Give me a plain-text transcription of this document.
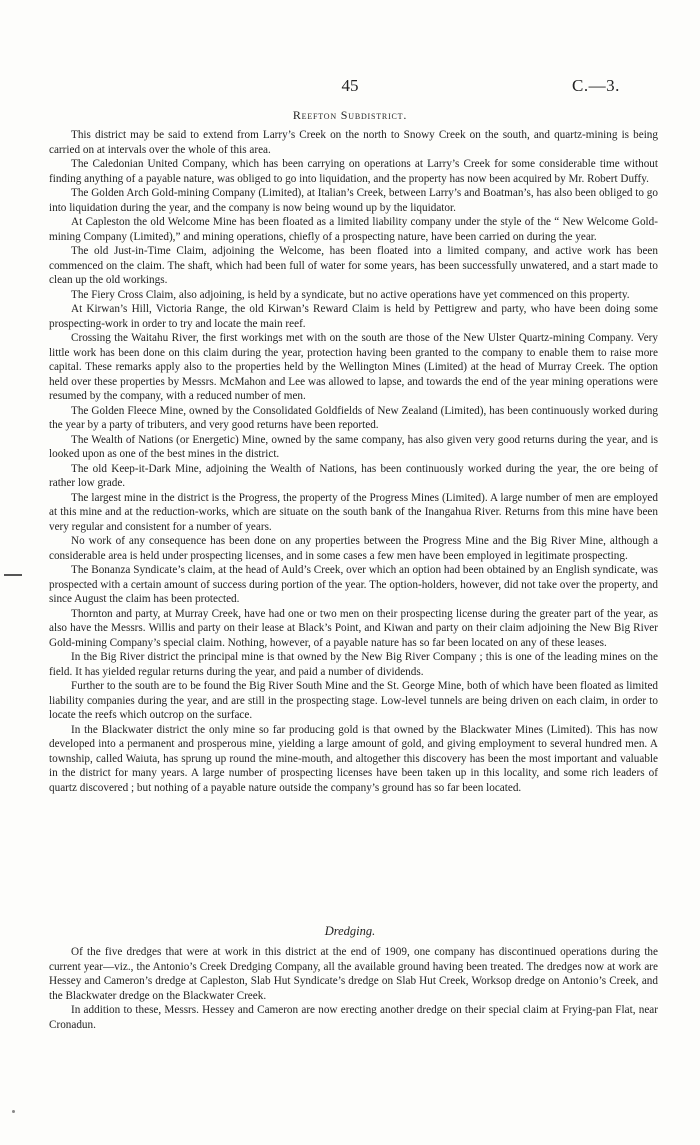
45	C.—3.
Reefton Subdistrict.

This district may be said to extend from Larry’s Creek on the north to Snowy Creek on the south, and quartz-mining is being carried on at intervals over the whole of this area.

The Caledonian United Company, which has been carrying on operations at Larry’s Creek for some considerable time without finding anything of a payable nature, was obliged to go into liquidation, and the property has now been acquired by Mr. Robert Duffy.

The Golden Arch Gold-mining Company (Limited), at Italian’s Creek, between Larry’s and Boatman’s, has also been obliged to go into liquidation during the year, and the company is now being wound up by the liquidator.

At Capleston the old Welcome Mine has been floated as a limited liability company under the style of the “ New Welcome Gold-mining Company (Limited),” and mining operations, chiefly of a prospecting nature, have been carried on during the year.

The old Just-in-Time Claim, adjoining the Welcome, has been floated into a limited company, and active work has been commenced on the claim. The shaft, which had been full of water for some years, has been successfully unwatered, and a start made to clean up the old workings.

The Fiery Cross Claim, also adjoining, is held by a syndicate, but no active operations have yet commenced on this property.

At Kirwan’s Hill, Victoria Range, the old Kirwan’s Reward Claim is held by Pettigrew and party, who have been doing some prospecting-work in order to try and locate the main reef.

Crossing the Waitahu River, the first workings met with on the south are those of the New Ulster Quartz-mining Company. Very little work has been done on this claim during the year, protection having been granted to the company to enable them to raise more capital. These remarks apply also to the properties held by the Wellington Mines (Limited) at the head of Murray Creek. The option held over these properties by Messrs. McMahon and Lee was allowed to lapse, and towards the end of the year mining operations were resumed by the company, with a reduced number of men.

The Golden Fleece Mine, owned by the Consolidated Goldfields of New Zealand (Limited), has been continuously worked during the year by a party of tributers, and very good returns have been reported.

The Wealth of Nations (or Energetic) Mine, owned by the same company, has also given very good returns during the year, and is looked upon as one of the best mines in the district.

The old Keep-it-Dark Mine, adjoining the Wealth of Nations, has been continuously worked during the year, the ore being of rather low grade.

The largest mine in the district is the Progress, the property of the Progress Mines (Limited). A large number of men are employed at this mine and at the reduction-works, which are situate on the south bank of the Inangahua River. Returns from this mine have been very regular and consistent for a number of years.

No work of any consequence has been done on any properties between the Progress Mine and the Big River Mine, although a considerable area is held under prospecting licenses, and in some cases a few men have been employed in legitimate prospecting.

The Bonanza Syndicate’s claim, at the head of Auld’s Creek, over which an option had been obtained by an English syndicate, was prospected with a certain amount of success during portion of the year. The option-holders, however, did not take over the property, and since August the claim has been protected.

Thornton and party, at Murray Creek, have had one or two men on their prospecting license during the greater part of the year, as also have the Messrs. Willis and party on their lease at Black’s Point, and Kiwan and party on their claim adjoining the New Big River Gold-mining Company’s special claim. Nothing, however, of a payable nature has so far been located on any of these leases.

In the Big River district the principal mine is that owned by the New Big River Company ; this is one of the leading mines on the field. It has yielded regular returns during the year, and paid a number of dividends.

Further to the south are to be found the Big River South Mine and the St. George Mine, both of which have been floated as limited liability companies during the year, and are still in the prospecting stage. Low-level tunnels are being driven on each claim, in order to locate the reefs which outcrop on the surface.

In the Blackwater district the only mine so far producing gold is that owned by the Blackwater Mines (Limited). This has now developed into a permanent and prosperous mine, yielding a large amount of gold, and giving employment to several hundred men. A township, called Waiuta, has sprung up round the mine-mouth, and altogether this discovery has been the most important and valuable in the district for many years. A large number of prospecting licenses have been taken up in this locality, and some rich leaders of quartz discovered ; but nothing of a payable nature outside the company’s ground has so far been located.

Dredging.

Of the five dredges that were at work in this district at the end of 1909, one company has discontinued operations during the current year—viz., the Antonio’s Creek Dredging Company, all the available ground having been treated. The dredges now at work are Hessey and Cameron’s dredge at Capleston, Slab Hut Syndicate’s dredge on Slab Hut Creek, Worksop dredge on Antonio’s Creek, and the Blackwater dredge on the Blackwater Creek.

In addition to these, Messrs. Hessey and Cameron are now erecting another dredge on their special claim at Frying-pan Flat, near Cronadun.
